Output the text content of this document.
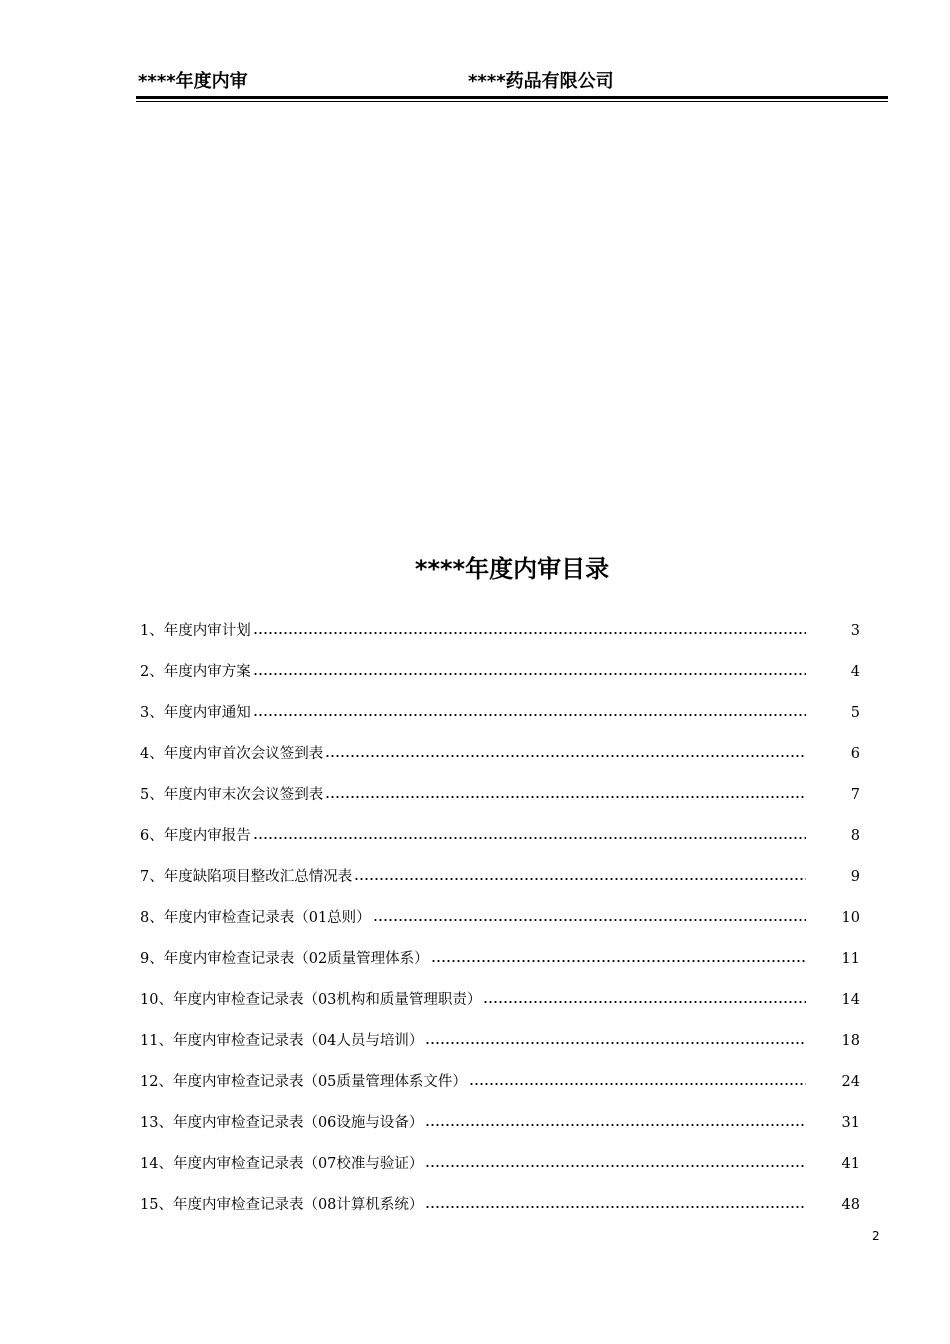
****年度内审	****药品有限公司
****年度内审目录
1、年度内审计划	3
2、年度内审方案	4
3、年度内审通知	5
4、年度内审首次会议签到表	6
5、年度内审末次会议签到表	7
6、年度内审报告	8
7、年度缺陷项目整改汇总情况表	9
8、年度内审检查记录表（01总则）	10
9、年度内审检查记录表（02质量管理体系）	11
10、年度内审检查记录表（03机构和质量管理职责）	14
11、年度内审检查记录表（04人员与培训）	18
12、年度内审检查记录表（05质量管理体系文件）	24
13、年度内审检查记录表（06设施与设备）	31
14、年度内审检查记录表（07校准与验证）	41
15、年度内审检查记录表（08计算机系统）	48
2
